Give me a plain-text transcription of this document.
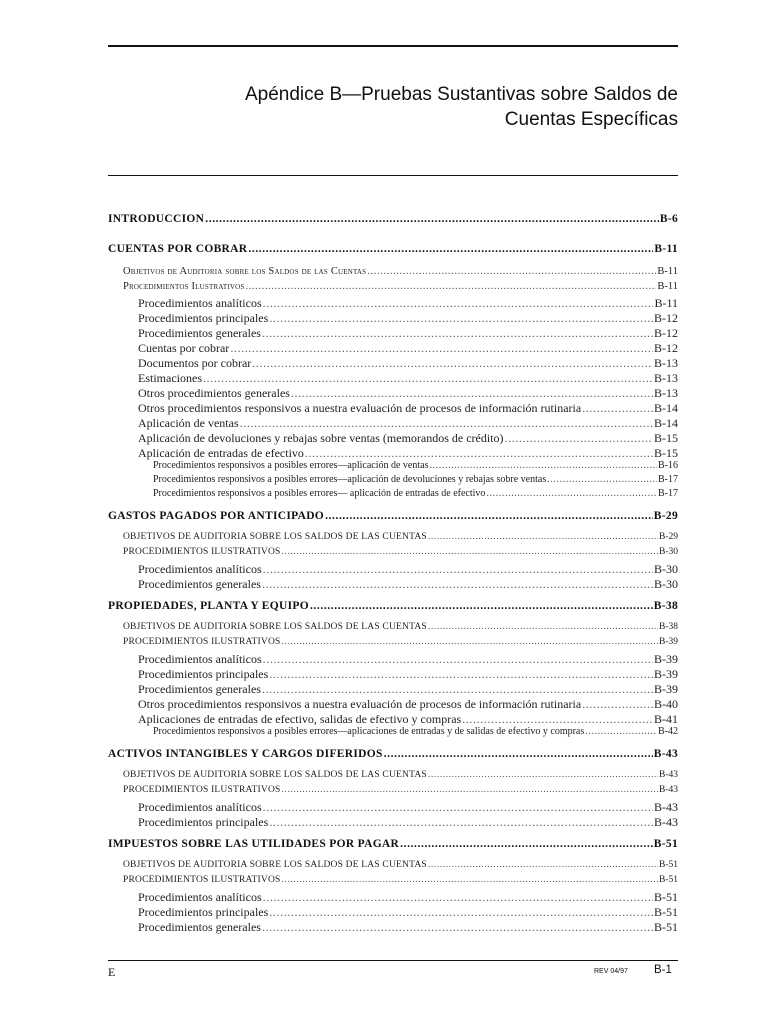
Apéndice B—Pruebas Sustantivas sobre Saldos de
Cuentas Específicas
INTRODUCCION .....	B-6
CUENTAS POR COBRAR .....	B-11
Objetivos de Auditoria sobre los Saldos de las Cuentas .....	B-11
Procedimientos Ilustrativos .....	B-11
Procedimientos analíticos .....	B-11
Procedimientos principales .....	B-12
Procedimientos generales .....	B-12
Cuentas por cobrar .....	B-12
Documentos por cobrar .....	B-13
Estimaciones .....	B-13
Otros procedimientos generales .....	B-13
Otros procedimientos responsivos a nuestra evaluación de procesos de información rutinaria .....	B-14
Aplicación de ventas .....	B-14
Aplicación de devoluciones y rebajas sobre ventas (memorandos de crédito) .....	B-15
Aplicación de entradas de efectivo .....	B-15
Procedimientos responsivos a posibles errores—aplicación de ventas .....	B-16
Procedimientos responsivos a posibles errores—aplicación de devoluciones y rebajas sobre ventas .....	B-17
Procedimientos responsivos a posibles errores— aplicación de entradas de efectivo .....	B-17
GASTOS PAGADOS POR ANTICIPADO .....	B-29
OBJETIVOS DE AUDITORIA SOBRE LOS SALDOS DE LAS CUENTAS .....	B-29
PROCEDIMIENTOS ILUSTRATIVOS .....	B-30
Procedimientos analíticos .....	B-30
Procedimientos generales .....	B-30
PROPIEDADES, PLANTA Y EQUIPO .....	B-38
OBJETIVOS DE AUDITORIA SOBRE LOS SALDOS DE LAS CUENTAS .....	B-38
PROCEDIMIENTOS ILUSTRATIVOS .....	B-39
Procedimientos analíticos .....	B-39
Procedimientos principales .....	B-39
Procedimientos generales .....	B-39
Otros procedimientos responsivos a nuestra evaluación de procesos de información rutinaria .....	B-40
Aplicaciones de entradas de efectivo, salidas de efectivo y compras .....	B-41
Procedimientos responsivos a posibles errores—aplicaciones de entradas y de salidas de efectivo y compras .....	B-42
ACTIVOS INTANGIBLES Y CARGOS DIFERIDOS .....	B-43
OBJETIVOS DE AUDITORIA SOBRE LOS SALDOS DE LAS CUENTAS .....	B-43
PROCEDIMIENTOS ILUSTRATIVOS .....	B-43
Procedimientos analíticos .....	B-43
Procedimientos principales .....	B-43
IMPUESTOS SOBRE LAS UTILIDADES POR PAGAR .....	B-51
OBJETIVOS DE AUDITORIA SOBRE LOS SALDOS DE LAS CUENTAS .....	B-51
PROCEDIMIENTOS ILUSTRATIVOS .....	B-51
Procedimientos analíticos .....	B-51
Procedimientos principales .....	B-51
Procedimientos generales .....	B-51
E	REV 04/97 B-1
